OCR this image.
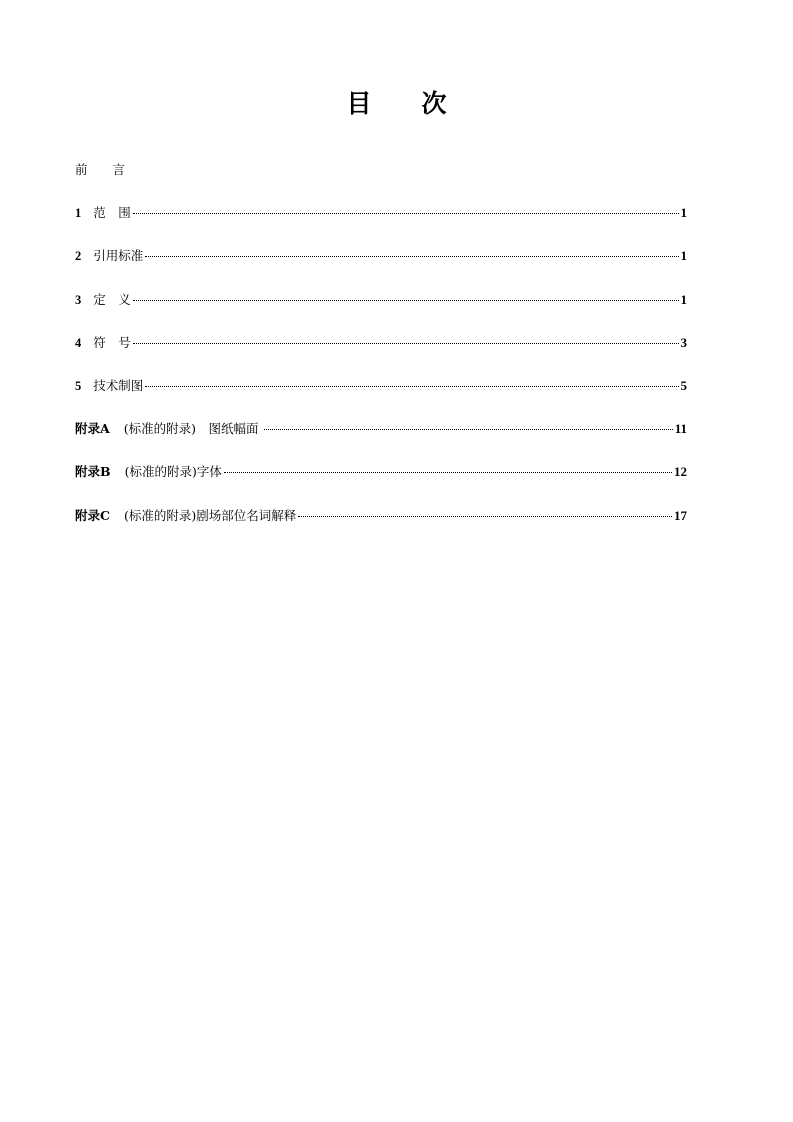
目　　次
前　　言
1 范　围	1
2 引用标准	1
3 定　义	1
4 符　号	3
5 技术制图	5
附录A (标准的附录)　图纸幅面	11
附录B (标准的附录)字体	12
附录C (标准的附录)剧场部位名词解释	17
